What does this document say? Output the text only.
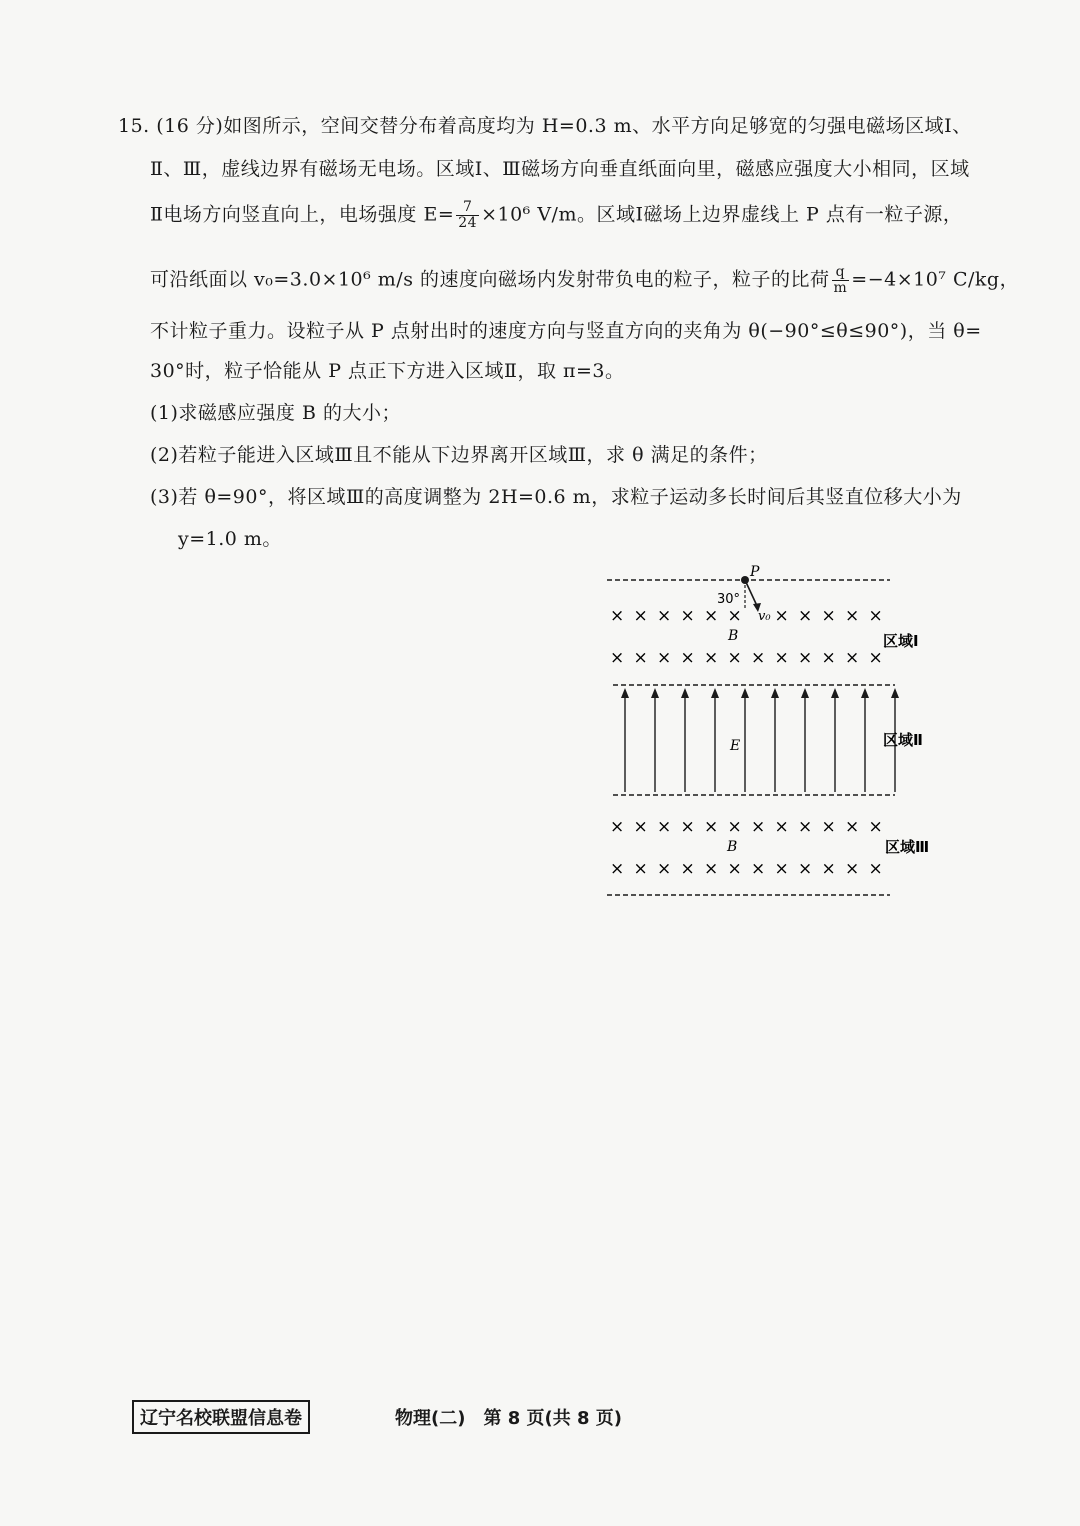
15. (16 分)如图所示，空间交替分布着高度均为 H=0.3 m、水平方向足够宽的匀强电磁场区域Ⅰ、
Ⅱ、Ⅲ，虚线边界有磁场无电场。区域Ⅰ、Ⅲ磁场方向垂直纸面向里，磁感应强度大小相同，区域
Ⅱ电场方向竖直向上，电场强度 $E= \frac{7}{24} \times 10^6$ V/m。区域Ⅰ磁场上边界虚线上 P 点有一粒子源，
可沿纸面以 v₀=3.0×10⁶ m/s 的速度向磁场内发射带负电的粒子，粒子的比荷 $\frac{q}{m} =-4\times 10^7$ C/kg，
不计粒子重力。设粒子从 P 点射出时的速度方向与竖直方向的夹角为 θ(−90°≤θ≤90°)，当 θ=
30°时，粒子恰能从 P 点正下方进入区域Ⅱ，取 π=3。
(1)求磁感应强度 B 的大小；
(2)若粒子能进入区域Ⅲ且不能从下边界离开区域Ⅲ，求 θ 满足的条件；
(3)若 θ=90°，将区域Ⅲ的高度调整为 2H=0.6 m，求粒子运动多长时间后其竖直位移大小为
y=1.0 m。
× × × × × × × × × × ×
× × × × × × × × × × × ×
× × × × × × × × × × × ×
× × × × × × × × × × × ×
P
30°
v₀
B
E
B
区域Ⅰ
区域Ⅱ
区域Ⅲ
辽宁名校联盟信息卷	物理(二)　第 8 页(共 8 页)
